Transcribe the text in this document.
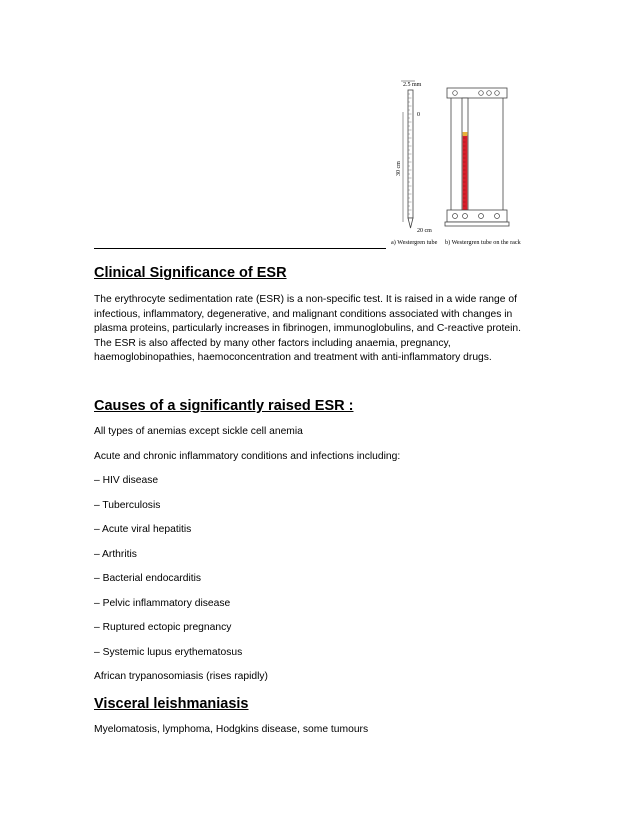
2.5 mm
0
20 cm
30 cm
a) Westergren tube b) Westergren tube on the rack
Clinical Significance of ESR
The erythrocyte sedimentation rate (ESR) is a non-specific test. It is raised in a wide range of
infectious, inflammatory, degenerative, and malignant conditions associated with changes in
plasma proteins, particularly increases in fibrinogen, immunoglobulins, and C-reactive protein.
The ESR is also affected by many other factors including anaemia, pregnancy,
haemoglobinopathies, haemoconcentration and treatment with anti-inflammatory drugs.
Causes of a significantly raised ESR :
All types of anemias except sickle cell anemia
Acute and chronic inflammatory conditions and infections including:
– HIV disease
– Tuberculosis
– Acute viral hepatitis
– Arthritis
– Bacterial endocarditis
– Pelvic inflammatory disease
– Ruptured ectopic pregnancy
– Systemic lupus erythematosus
African trypanosomiasis (rises rapidly)
Visceral leishmaniasis
Myelomatosis, lymphoma, Hodgkins disease, some tumours
